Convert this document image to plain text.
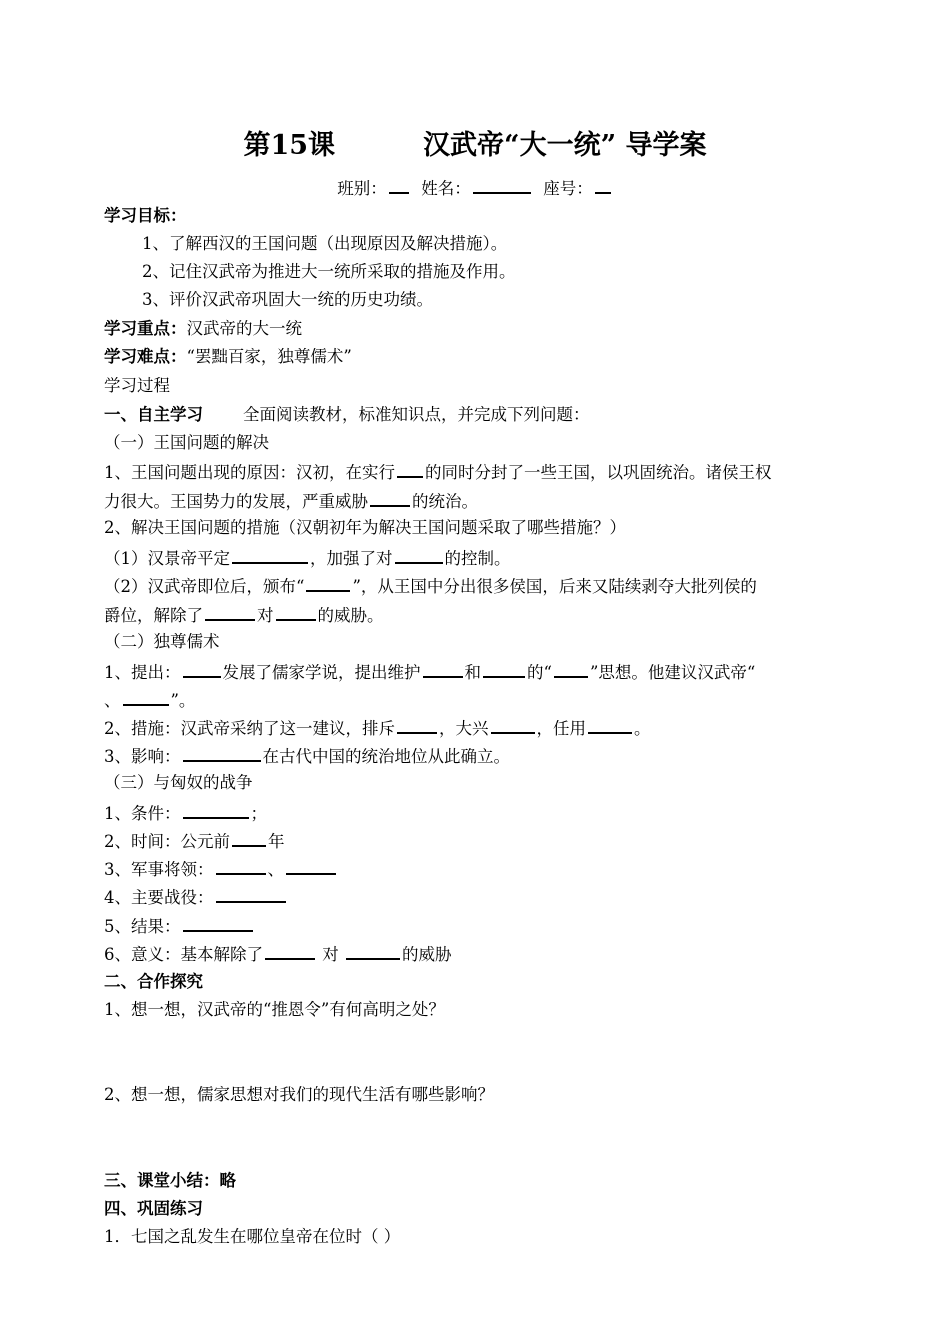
第15课	汉武帝“大一统” 导学案
班别： 姓名：	座号：
学习目标：
1、了解西汉的王国问题（出现原因及解决措施）。
2、记住汉武帝为推进大一统所采取的措施及作用。
3、评价汉武帝巩固大一统的历史功绩。
学习重点：汉武帝的大一统
学习难点：“罢黜百家，独尊儒术”
学习过程
一、自主学习 全面阅读教材，标准知识点，并完成下列问题：
（一）王国问题的解决
1、王国问题出现的原因：汉初，在实行 的同时分封了一些王国，以巩固统治。诸侯王权
力很大。王国势力的发展，严重威胁	的统治。
2、解决王国问题的措施（汉朝初年为解决王国问题采取了哪些措施？）
（1）汉景帝平定	，加强了对	的控制。
（2）汉武帝即位后，颁布“	”，从王国中分出很多侯国，后来又陆续剥夺大批列侯的
爵位，解除了	对	的威胁。
（二）独尊儒术
1、提出：	发展了儒家学说，提出维护	和	的“ ”思想。他建议汉武帝“
、	”。
2、措施：汉武帝采纳了这一建议，排斥	，大兴	，任用	。
3、影响：	在古代中国的统治地位从此确立。
（三）与匈奴的战争
1、条件：	；
2、时间：公元前 年
3、军事将领：	、
4、主要战役：
5、结果：
6、意义：基本解除了	对	的威胁
二、合作探究
1、想一想，汉武帝的“推恩令”有何高明之处？
2、想一想，儒家思想对我们的现代生活有哪些影响？
三、课堂小结：略
四、巩固练习
1．七国之乱发生在哪位皇帝在位时（ ）
